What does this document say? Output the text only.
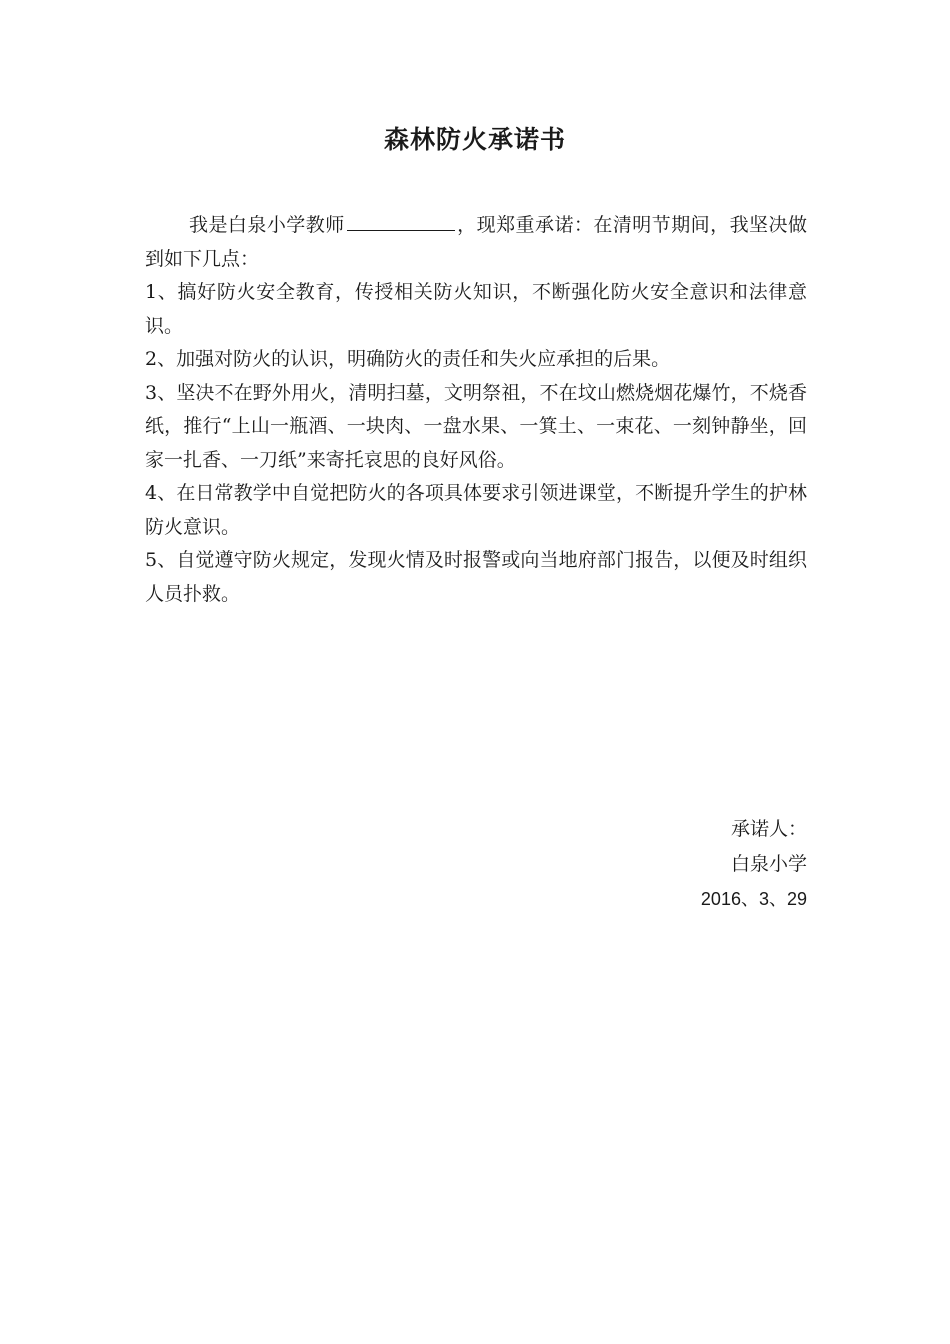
森林防火承诺书

我是白泉小学教师	，现郑重承诺：在清明节期间，我坚决做到如下几点：

1、搞好防火安全教育，传授相关防火知识，不断强化防火安全意识和法律意识。

2、加强对防火的认识，明确防火的责任和失火应承担的后果。

3、坚决不在野外用火，清明扫墓，文明祭祖，不在坟山燃烧烟花爆竹，不烧香纸，推行“上山一瓶酒、一块肉、一盘水果、一箕土、一束花、一刻钟静坐，回家一扎香、一刀纸”来寄托哀思的良好风俗。

4、在日常教学中自觉把防火的各项具体要求引领进课堂，不断提升学生的护林防火意识。

5、自觉遵守防火规定，发现火情及时报警或向当地府部门报告，以便及时组织人员扑救。

承诺人：
白泉小学
2016、3、29
